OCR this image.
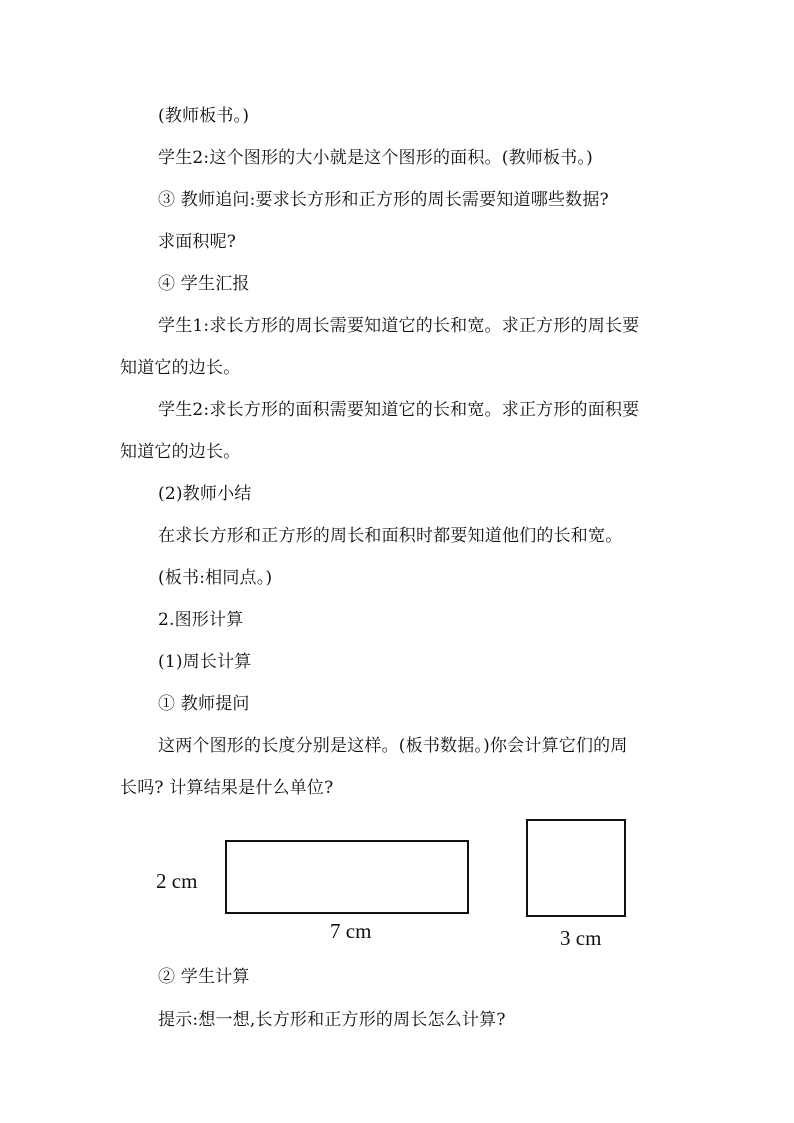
(教师板书。)
学生2:这个图形的大小就是这个图形的面积。(教师板书。)
③ 教师追问:要求长方形和正方形的周长需要知道哪些数据?
求面积呢?
④ 学生汇报
学生1:求长方形的周长需要知道它的长和宽。求正方形的周长要
知道它的边长。
学生2:求长方形的面积需要知道它的长和宽。求正方形的面积要
知道它的边长。
(2)教师小结
在求长方形和正方形的周长和面积时都要知道他们的长和宽。
(板书:相同点。)
2.图形计算
(1)周长计算
① 教师提问
这两个图形的长度分别是这样。(板书数据。)你会计算它们的周
长吗? 计算结果是什么单位?
2 cm
7 cm	3 cm
② 学生计算
提示:想一想,长方形和正方形的周长怎么计算?
